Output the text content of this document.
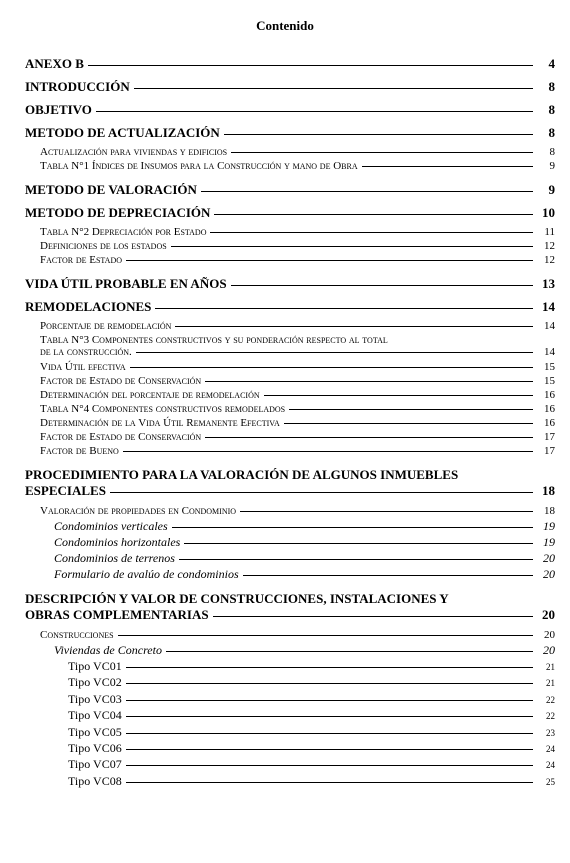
Contenido
ANEXO B	4
INTRODUCCIÓN	8
OBJETIVO	8
METODO DE ACTUALIZACIÓN	8
Actualización para viviendas y edificios	8
Tabla N°1 Índices de Insumos para la Construcción y mano de Obra	9
METODO DE VALORACIÓN	9
METODO DE DEPRECIACIÓN	10
Tabla N°2 Depreciación por Estado	11
Definiciones de los estados	12
Factor de Estado	12
VIDA ÚTIL PROBABLE EN AÑOS	13
REMODELACIONES	14
Porcentaje de remodelación	14
Tabla N°3 Componentes constructivos y su ponderación respecto al total
de la construcción.	14
Vida Útil efectiva	15
Factor de Estado de Conservación	15
Determinación del porcentaje de remodelación	16
Tabla N°4 Componentes constructivos remodelados	16
Determinación de la Vida Útil Remanente Efectiva	16
Factor de Estado de Conservación	17
Factor de Bueno	17
PROCEDIMIENTO PARA LA VALORACIÓN DE ALGUNOS INMUEBLES
ESPECIALES	18
Valoración de propiedades en Condominio	18
Condominios verticales	19
Condominios horizontales	19
Condominios de terrenos	20
Formulario de avalúo de condominios	20
DESCRIPCIÓN Y VALOR DE CONSTRUCCIONES, INSTALACIONES Y
OBRAS COMPLEMENTARIAS	20
Construcciones	20
Viviendas de Concreto	20
Tipo VC01	21
Tipo VC02	21
Tipo VC03	22
Tipo VC04	22
Tipo VC05	23
Tipo VC06	24
Tipo VC07	24
Tipo VC08	25
